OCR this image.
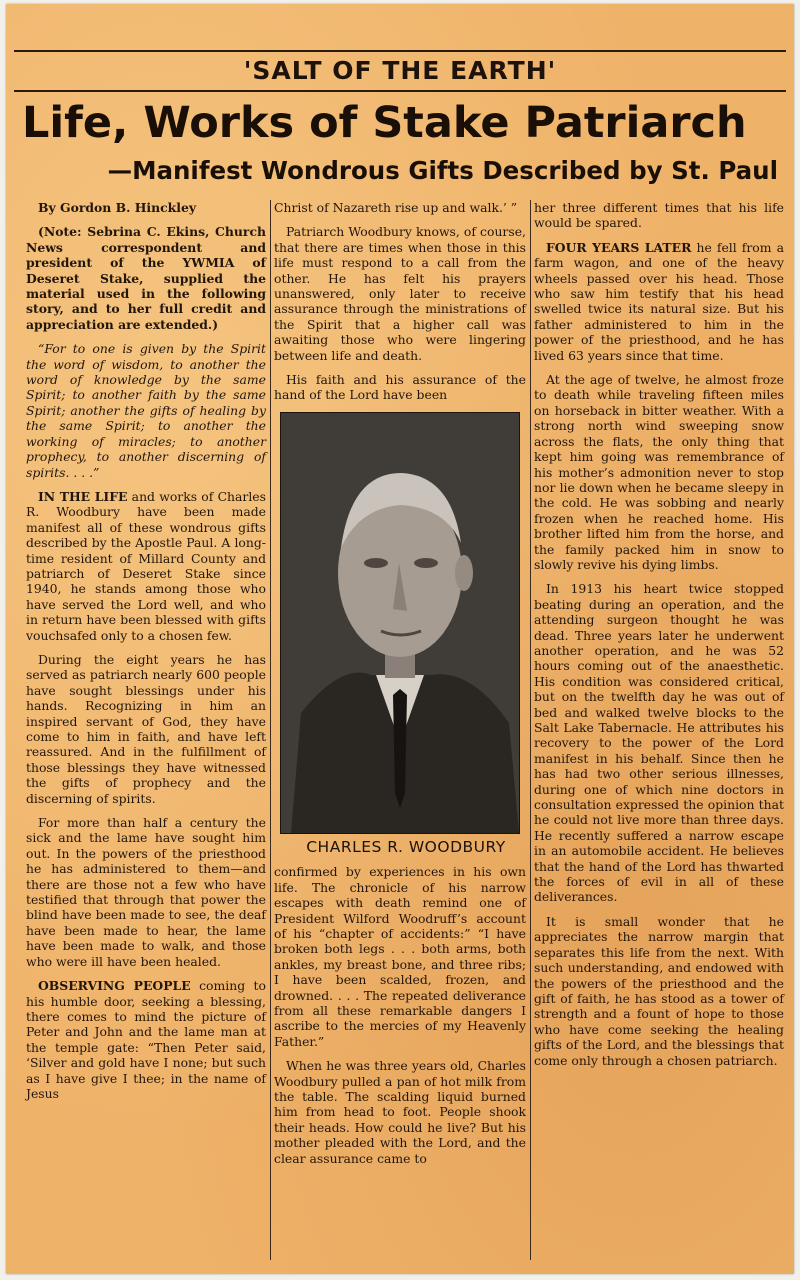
'SALT OF THE EARTH'
Life, Works of Stake Patriarch
—Manifest Wondrous Gifts Described by St. Paul

By Gordon B. Hinckley

(Note: Sebrina C. Ekins, Church News correspondent and president of the YWMIA of Deseret Stake, supplied the material used in the following story, and to her full credit and appreciation are extended.)

“For to one is given by the Spirit the word of wisdom, to another the word of knowledge by the same Spirit; to another faith by the same Spirit; another the gifts of healing by the same Spirit; to another the working of miracles; to another prophecy, to another discerning of spirits. . . .”

IN THE LIFE and works of Charles R. Woodbury have been made manifest all of these wondrous gifts described by the Apostle Paul. A long-time resident of Millard County and patriarch of Deseret Stake since 1940, he stands among those who have served the Lord well, and who in return have been blessed with gifts vouchsafed only to a chosen few.

During the eight years he has served as patriarch nearly 600 people have sought blessings under his hands. Recognizing in him an inspired servant of God, they have come to him in faith, and have left reassured. And in the fulfillment of those blessings they have witnessed the gifts of prophecy and the discerning of spirits.

For more than half a century the sick and the lame have sought him out. In the powers of the priesthood he has administered to them—and there are those not a few who have testified that through that power the blind have been made to see, the deaf have been made to hear, the lame have been made to walk, and those who were ill have been healed.

OBSERVING PEOPLE coming to his humble door, seeking a blessing, there comes to mind the picture of Peter and John and the lame man at the temple gate: “Then Peter said, ‘Silver and gold have I none; but such as I have give I thee; in the name of Jesus

Christ of Nazareth rise up and walk.’ ”

Patriarch Woodbury knows, of course, that there are times when those in this life must respond to a call from the other. He has felt his prayers unanswered, only later to receive assurance through the ministrations of the Spirit that a higher call was awaiting those who were lingering between life and death.

His faith and his assurance of the hand of the Lord have been

CHARLES R. WOODBURY

confirmed by experiences in his own life. The chronicle of his narrow escapes with death remind one of President Wilford Woodruff’s account of his “chapter of accidents:” “I have broken both legs . . . both arms, both ankles, my breast bone, and three ribs; I have been scalded, frozen, and drowned. . . . The repeated deliverance from all these remarkable dangers I ascribe to the mercies of my Heavenly Father.”

When he was three years old, Charles Woodbury pulled a pan of hot milk from the table. The scalding liquid burned him from head to foot. People shook their heads. How could he live? But his mother pleaded with the Lord, and the clear assurance came to

her three different times that his life would be spared.

FOUR YEARS LATER he fell from a farm wagon, and one of the heavy wheels passed over his head. Those who saw him testify that his head swelled twice its natural size. But his father administered to him in the power of the priesthood, and he has lived 63 years since that time.

At the age of twelve, he almost froze to death while traveling fifteen miles on horseback in bitter weather. With a strong north wind sweeping snow across the flats, the only thing that kept him going was remembrance of his mother’s admonition never to stop nor lie down when he became sleepy in the cold. He was sobbing and nearly frozen when he reached home. His brother lifted him from the horse, and the family packed him in snow to slowly revive his dying limbs.

In 1913 his heart twice stopped beating during an operation, and the attending surgeon thought he was dead. Three years later he underwent another operation, and he was 52 hours coming out of the anaesthetic. His condition was considered critical, but on the twelfth day he was out of bed and walked twelve blocks to the Salt Lake Tabernacle. He attributes his recovery to the power of the Lord manifest in his behalf. Since then he has had two other serious illnesses, during one of which nine doctors in consultation expressed the opinion that he could not live more than three days. He recently suffered a narrow escape in an automobile accident. He believes that the hand of the Lord has thwarted the forces of evil in all of these deliverances.

It is small wonder that he appreciates the narrow margin that separates this life from the next. With such understanding, and endowed with the powers of the priesthood and the gift of faith, he has stood as a tower of strength and a fount of hope to those who have come seeking the healing gifts of the Lord, and the blessings that come only through a chosen patriarch.
